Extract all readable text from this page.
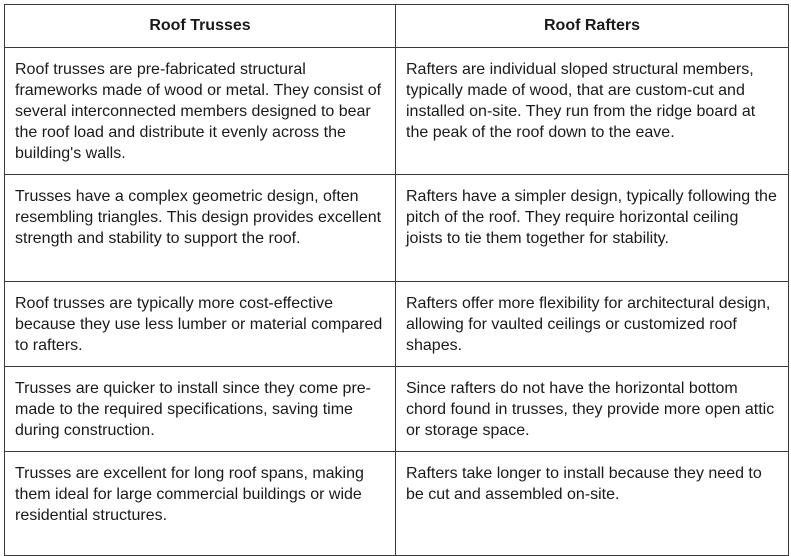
Roof Trusses	Roof Rafters
Roof trusses are pre-fabricated structural frameworks made of wood or metal. They consist of several interconnected members designed to bear the roof load and distribute it evenly across the building's walls.	Rafters are individual sloped structural members, typically made of wood, that are custom-cut and installed on-site. They run from the ridge board at the peak of the roof down to the eave.
Trusses have a complex geometric design, often resembling triangles. This design provides excellent strength and stability to support the roof.	Rafters have a simpler design, typically following the pitch of the roof. They require horizontal ceiling joists to tie them together for stability.
Roof trusses are typically more cost-effective because they use less lumber or material compared to rafters.	Rafters offer more flexibility for architectural design, allowing for vaulted ceilings or customized roof shapes.
Trusses are quicker to install since they come pre-made to the required specifications, saving time during construction.	Since rafters do not have the horizontal bottom chord found in trusses, they provide more open attic or storage space.
Trusses are excellent for long roof spans, making them ideal for large commercial buildings or wide residential structures.	Rafters take longer to install because they need to be cut and assembled on-site.
